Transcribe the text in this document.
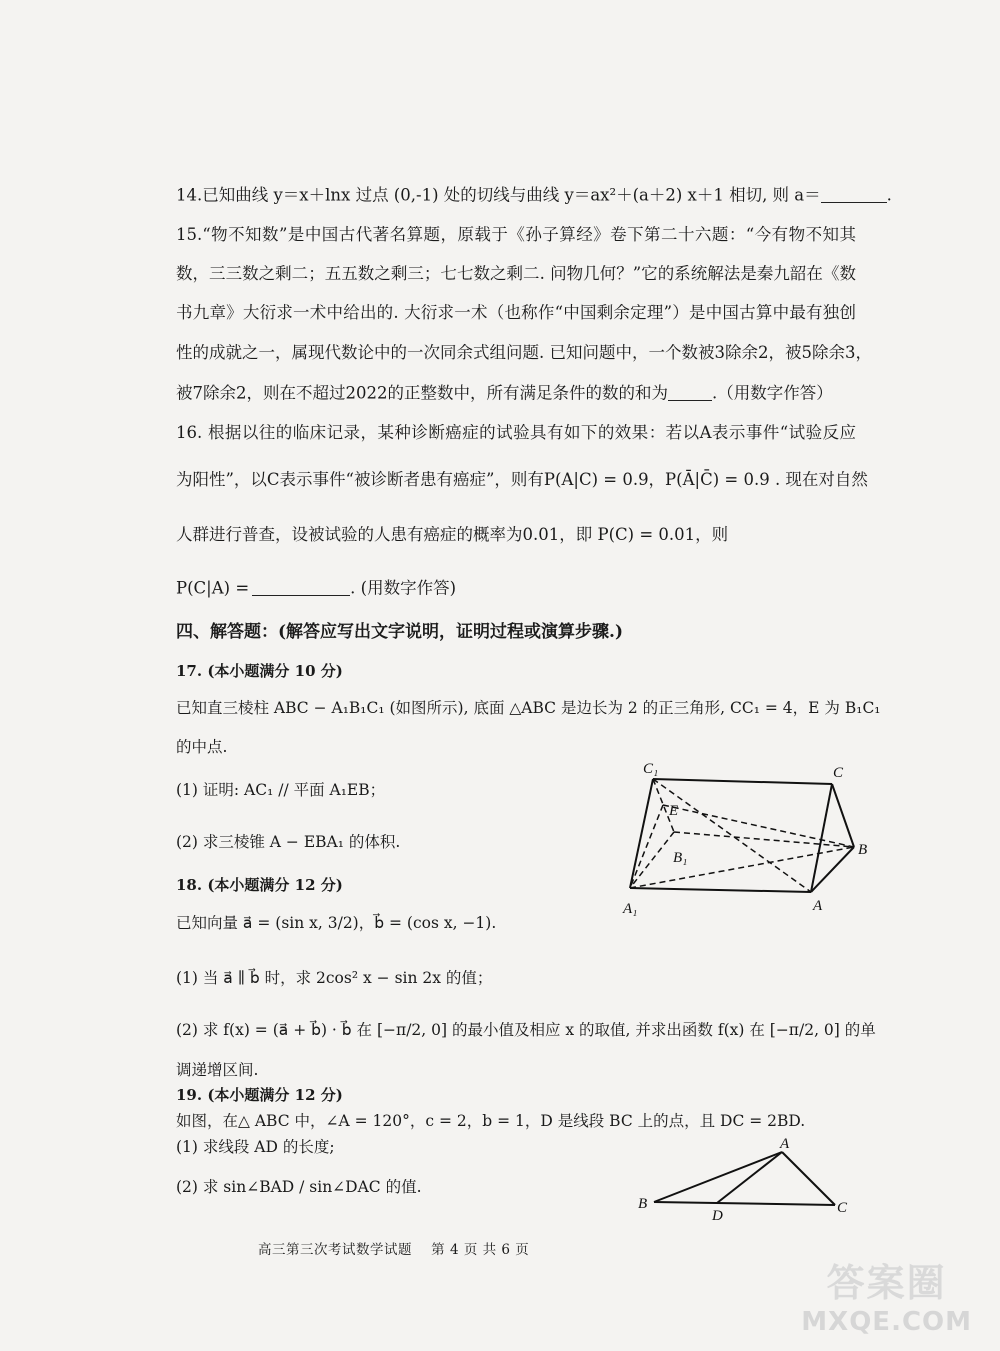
14.已知曲线 y＝x＋lnx 过点 (0,-1) 处的切线与曲线 y＝ax²＋(a＋2) x＋1 相切, 则 a＝	.
15.“物不知数”是中国古代著名算题，原载于《孙子算经》卷下第二十六题：“今有物不知其
数，三三数之剩二；五五数之剩三；七七数之剩二. 问物几何？”它的系统解法是秦九韶在《数
书九章》大衍求一术中给出的. 大衍求一术（也称作“中国剩余定理”）是中国古算中最有独创
性的成就之一，属现代数论中的一次同余式组问题. 已知问题中，一个数被3除余2，被5除余3，
被7除余2，则在不超过2022的正整数中，所有满足条件的数的和为	.（用数字作答）
16. 根据以往的临床记录，某种诊断癌症的试验具有如下的效果：若以A表示事件“试验反应
为阳性”，以C表示事件“被诊断者患有癌症”，则有P(A|C) = 0.9，P(Ā|C̄) = 0.9 . 现在对自然
人群进行普查，设被试验的人患有癌症的概率为0.01，即 P(C) = 0.01，则
P(C|A) =	. (用数字作答)
四、解答题：(解答应写出文字说明，证明过程或演算步骤.)
17. (本小题满分 10 分)
已知直三棱柱 ABC − A₁B₁C₁ (如图所示), 底面 △ABC 是边长为 2 的正三角形, CC₁ = 4，E 为 B₁C₁
的中点.
(1) 证明: AC₁ // 平面 A₁EB；
(2) 求三棱锥 A − EBA₁ 的体积.
C₁	C
E
B₁	B
A₁	A
18. (本小题满分 12 分)
已知向量 a⃗ = (sin x, 3/2)，b⃗ = (cos x, −1).
(1) 当 a⃗ ∥ b⃗ 时，求 2cos² x − sin 2x 的值；
(2) 求 f(x) = (a⃗ + b⃗) · b⃗ 在 [−π/2, 0] 的最小值及相应 x 的取值, 并求出函数 f(x) 在 [−π/2, 0] 的单
调递增区间.
19. (本小题满分 12 分)
如图，在△ ABC 中，∠A = 120°，c = 2，b = 1，D 是线段 BC 上的点，且 DC = 2BD.
(1) 求线段 AD 的长度;
(2) 求 sin∠BAD / sin∠DAC 的值.
A
B	C
D
高三第三次考试数学试题    第 4 页 共 6 页
答案圈
MXQE.COM
